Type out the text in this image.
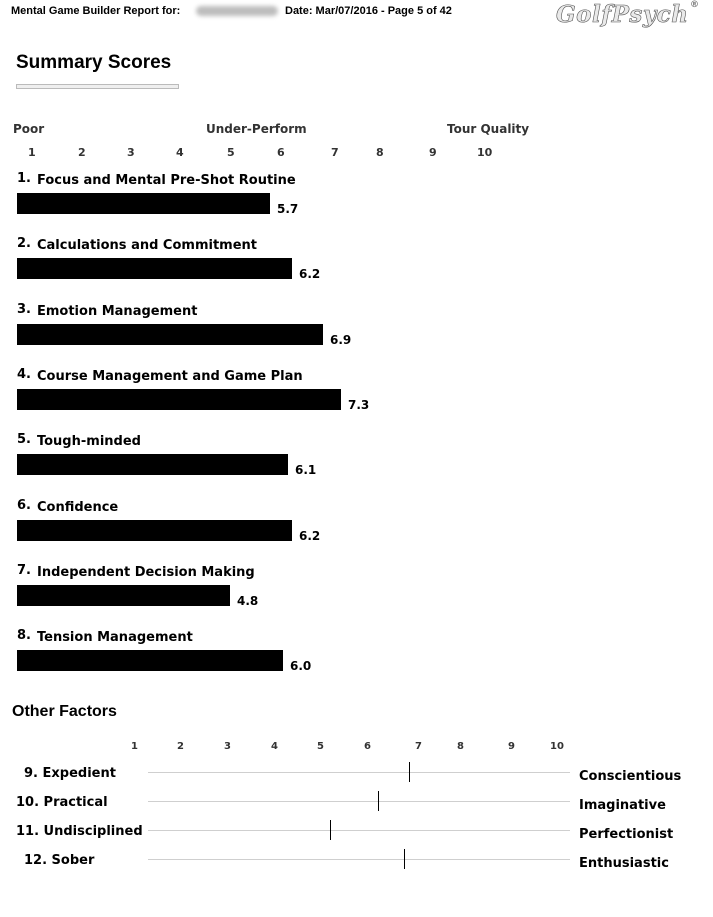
Mental Game Builder Report for:	Date: Mar/07/2016 - Page 5 of 42	GolfPsych ®
Summary Scores
Poor	Under-Perform	Tour Quality
1	2	3	4	5	6	7	8	9	10
1. Focus and Mental Pre-Shot Routine
5.7
2. Calculations and Commitment
6.2
3. Emotion Management
6.9
4. Course Management and Game Plan
7.3
5. Tough-minded
6.1
6. Confidence
6.2
7. Independent Decision Making
4.8
8. Tension Management
6.0
Other Factors
1	2	3	4	5	6	7	8	9	10
9. Expedient	Conscientious
10. Practical	Imaginative
11. Undisciplined	Perfectionist
12. Sober	Enthusiastic
